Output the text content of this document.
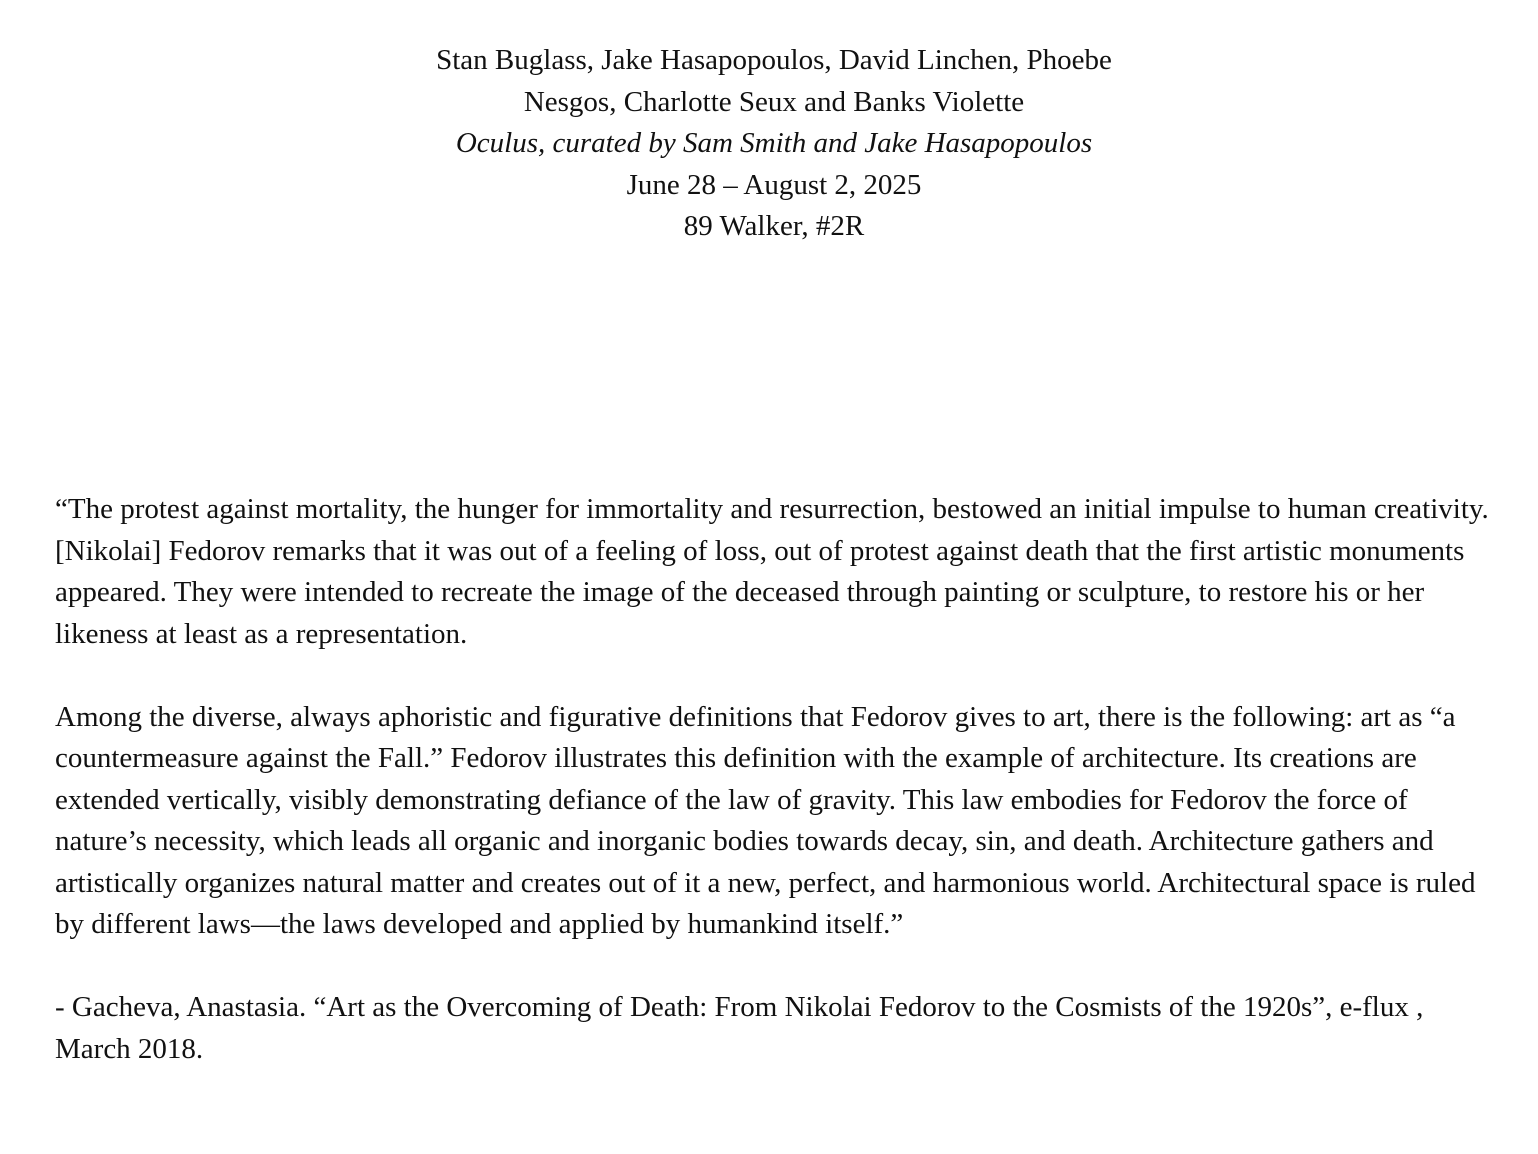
Stan Buglass, Jake Hasapopoulos, David Linchen, Phoebe
Nesgos, Charlotte Seux and Banks Violette
Oculus, curated by Sam Smith and Jake Hasapopoulos
June 28 – August 2, 2025
89 Walker, #2R

“The protest against mortality, the hunger for immortality and resurrection, bestowed an initial impulse to human creativity. [Nikolai] Fedorov remarks that it was out of a feeling of loss, out of protest against death that the first artistic monuments appeared. They were intended to recreate the image of the deceased through painting or sculpture, to restore his or her likeness at least as a representation.

Among the diverse, always aphoristic and figurative definitions that Fedorov gives to art, there is the following: art as “a countermeasure against the Fall.” Fedorov illustrates this definition with the example of architecture. Its creations are extended vertically, visibly demonstrating defiance of the law of gravity. This law embodies for Fedorov the force of nature’s necessity, which leads all organic and inorganic bodies towards decay, sin, and death. Architecture gathers and artistically organizes natural matter and creates out of it a new, perfect, and harmonious world. Architectural space is ruled by different laws—the laws developed and applied by humankind itself.”

- Gacheva, Anastasia. “Art as the Overcoming of Death: From Nikolai Fedorov to the Cosmists of the 1920s”, e-flux , March 2018.
